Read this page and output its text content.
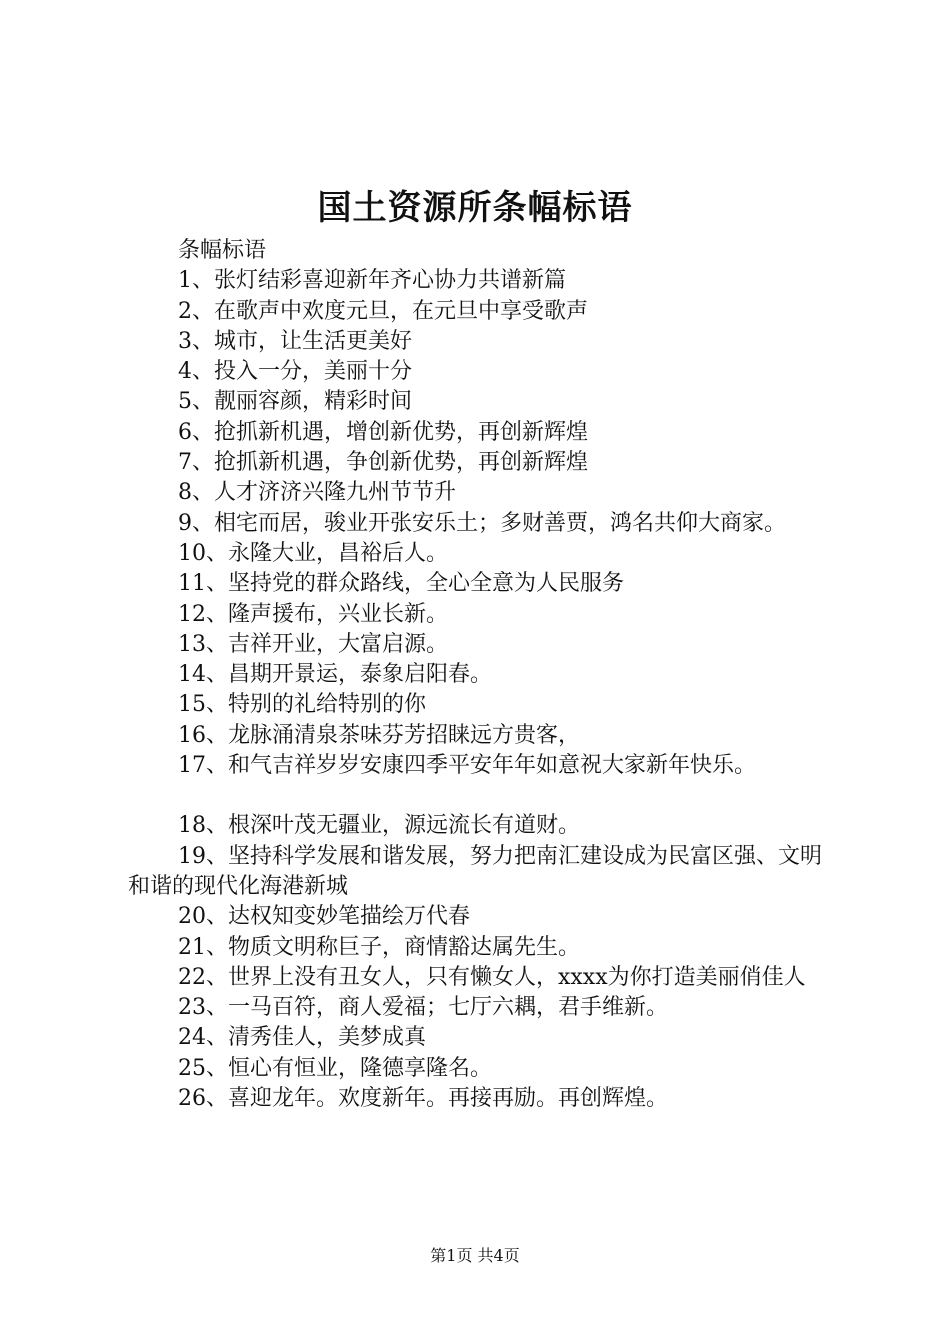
国土资源所条幅标语

条幅标语

1、张灯结彩喜迎新年齐心协力共谱新篇

2、在歌声中欢度元旦，在元旦中享受歌声

3、城市，让生活更美好

4、投入一分，美丽十分

5、靓丽容颜，精彩时间

6、抢抓新机遇，增创新优势，再创新辉煌

7、抢抓新机遇，争创新优势，再创新辉煌

8、人才济济兴隆九州节节升

9、相宅而居，骏业开张安乐土；多财善贾，鸿名共仰大商家。

10、永隆大业，昌裕后人。

11、坚持党的群众路线，全心全意为人民服务

12、隆声援布，兴业长新。

13、吉祥开业，大富启源。

14、昌期开景运，泰象启阳春。

15、特别的礼给特别的你

16、龙脉涌清泉茶味芬芳招睐远方贵客，

17、和气吉祥岁岁安康四季平安年年如意祝大家新年快乐。

18、根深叶茂无疆业，源远流长有道财。

19、坚持科学发展和谐发展，努力把南汇建设成为民富区强、文明和谐的现代化海港新城

20、达权知变妙笔描绘万代春

21、物质文明称巨子，商情豁达属先生。

22、世界上没有丑女人，只有懒女人，xxxx为你打造美丽俏佳人

23、一马百符，商人爱福；七厅六耦，君手维新。

24、清秀佳人，美梦成真

25、恒心有恒业，隆德享隆名。

26、喜迎龙年。欢度新年。再接再励。再创辉煌。

第1页 共4页
